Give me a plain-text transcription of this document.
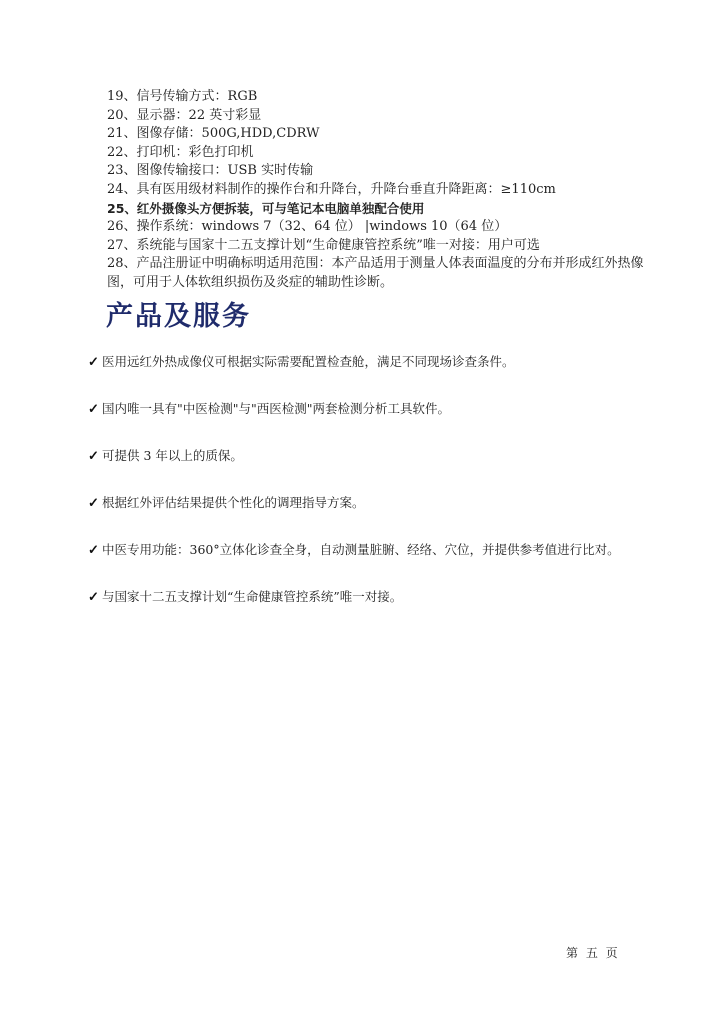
19、信号传输方式：RGB
20、显示器：22 英寸彩显
21、图像存储：500G,HDD,CDRW
22、打印机：彩色打印机
23、图像传输接口：USB 实时传输
24、具有医用级材料制作的操作台和升降台，升降台垂直升降距离：≥110cm
25、红外摄像头方便拆装，可与笔记本电脑单独配合使用
26、操作系统：windows 7（32、64 位） |windows 10（64 位）
27、系统能与国家十二五支撑计划“生命健康管控系统”唯一对接：用户可选
28、产品注册证中明确标明适用范围：本产品适用于测量人体表面温度的分布并形成红外热像图，可用于人体软组织损伤及炎症的辅助性诊断。
产品及服务
✓ 医用远红外热成像仪可根据实际需要配置检查舱，满足不同现场诊查条件。
✓ 国内唯一具有"中医检测"与"西医检测"两套检测分析工具软件。
✓ 可提供 3 年以上的质保。
✓ 根据红外评估结果提供个性化的调理指导方案。
✓ 中医专用功能：360°立体化诊查全身，自动测量脏腑、经络、穴位，并提供参考值进行比对。
✓ 与国家十二五支撑计划“生命健康管控系统”唯一对接。
第 五 页
